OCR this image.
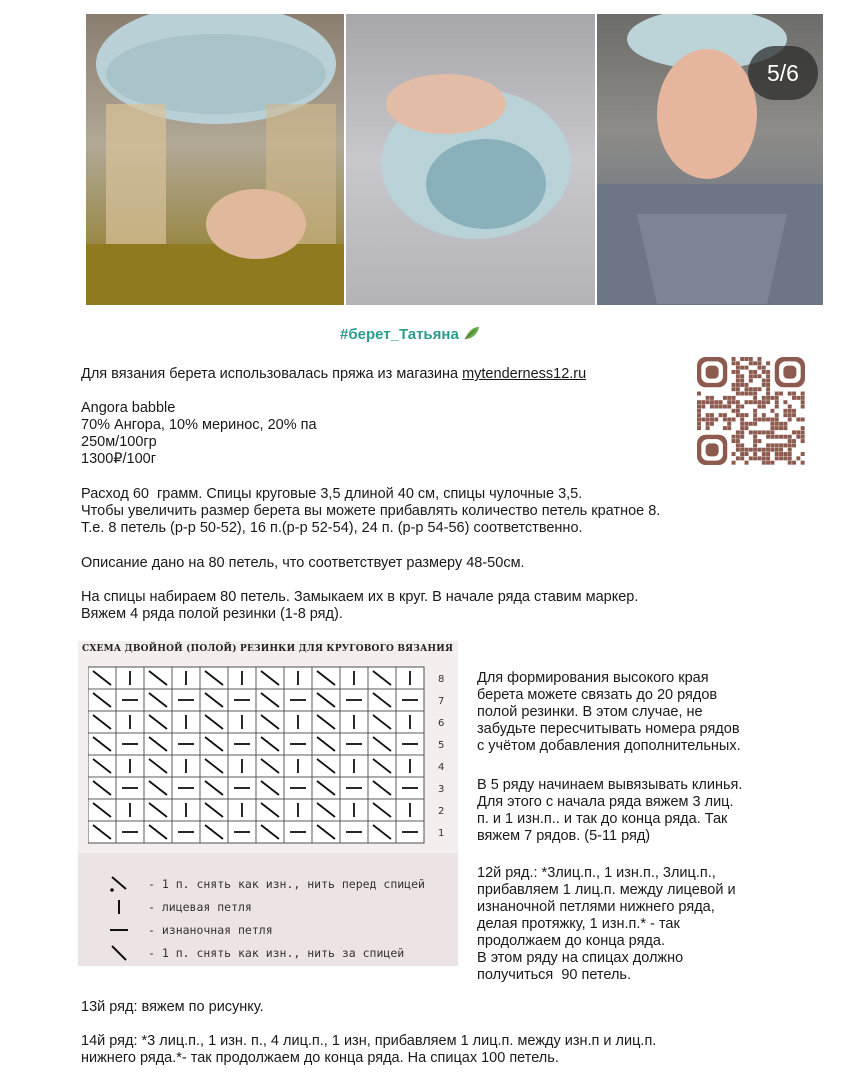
5/6
#берет_Татьяна

Для вязания берета использовалась пряжа из магазина mytenderness12.ru

Angora babble

70% Ангора, 10% меринос, 20% па

250м/100гр

1300₽/100г

Расход 60  грамм. Спицы круговые 3,5 длиной 40 см, спицы чулочные 3,5.

Чтобы увеличить размер берета вы можете прибавлять количество петель кратное 8.

Т.е. 8 петель (р-р 50-52), 16 п.(р-р 52-54), 24 п. (р-р 54-56) соответственно.

Описание дано на 80 петель, что соответствует размеру 48-50см.

На спицы набираем 80 петель. Замыкаем их в круг. В начале ряда ставим маркер.

Вяжем 4 ряда полой резинки (1-8 ряд).

СХЕМА ДВОЙНОЙ (ПОЛОЙ) РЕЗИНКИ ДЛЯ КРУГОВОГО ВЯЗАНИЯ
8
7
6
5
4
3
2
1
- 1 п. снять как изн., нить перед спицей
- лицевая петля
- изнаночная петля
- 1 п. снять как изн., нить за спицей

Для формирования высокого края

берета можете связать до 20 рядов

полой резинки. В этом случае, не

забудьте пересчитывать номера рядов

с учётом добавления дополнительных.

В 5 ряду начинаем вывязывать клинья.

Для этого с начала ряда вяжем 3 лиц.

п. и 1 изн.п.. и так до конца ряда. Так

вяжем 7 рядов. (5-11 ряд)

12й ряд.: *3лиц.п., 1 изн.п., 3лиц.п.,

прибавляем 1 лиц.п. между лицевой и

изнаночной петлями нижнего ряда,

делая протяжку, 1 изн.п.* - так

продолжаем до конца ряда.

В этом ряду на спицах должно

получиться  90 петель.

13й ряд: вяжем по рисунку.

14й ряд: *3 лиц.п., 1 изн. п., 4 лиц.п., 1 изн, прибавляем 1 лиц.п. между изн.п и лиц.п.

нижнего ряда.*- так продолжаем до конца ряда. На спицах 100 петель.
